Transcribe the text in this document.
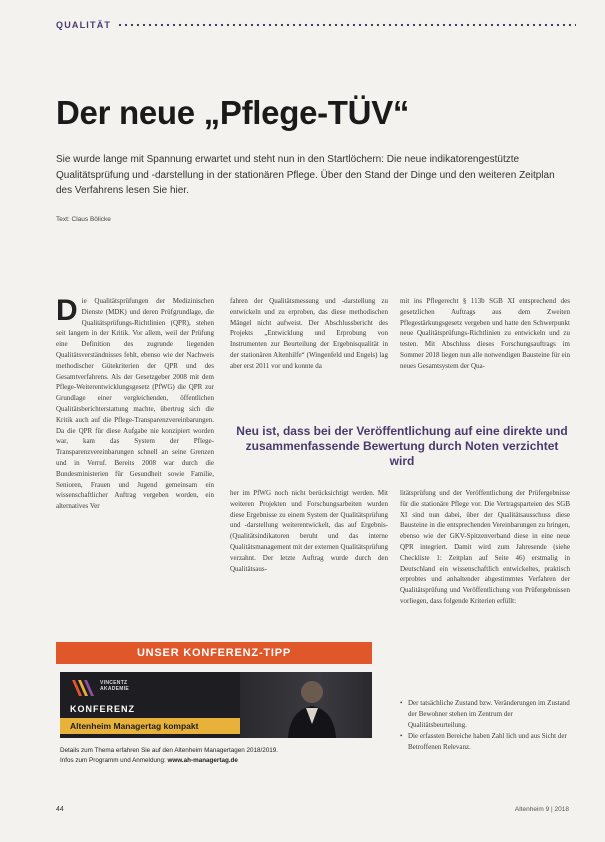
QUALITÄT
Der neue „Pflege-TÜV“

Sie wurde lange mit Spannung erwartet und steht nun in den Startlöchern: Die neue indikatorengestützte Qualitätsprüfung und -darstellung in der stationären Pflege. Über den Stand der Dinge und den weiteren Zeitplan des Verfahrens lesen Sie hier.

Text: Claus Bölicke

Die Qualitätsprüfungen der Medizinischen Dienste (MDK) und deren Prüfgrundlage, die Qualitätsprüfungs-Richtlinien (QPR), stehen seit langem in der Kritik. Vor allem, weil der Prüfung eine Definition des zugrunde liegenden Qualitätsverständnisses fehlt, ebenso wie der Nachweis methodischer Gütekriterien der QPR und des Gesamtverfahrens. Als der Gesetzgeber 2008 mit dem Pflege-Weiterentwicklungsgesetz (PfWG) die QPR zur Grundlage einer vergleichenden, öffentlichen Qualitätsberichterstattung machte, übertrug sich die Kritik auch auf die Pflege-Transparenzvereinbarungen. Da die QPR für diese Aufgabe nie konzipiert worden war, kam das System der Pflege-Transparenzvereinbarungen schnell an seine Grenzen und in Verruf. Bereits 2008 war durch die Bundesministerien für Gesundheit sowie Familie, Senioren, Frauen und Jugend gemeinsam ein wissenschaftlicher Auftrag vergeben worden, ein alternatives Ver

fahren der Qualitätsmessung und -darstellung zu entwickeln und zu erproben, das diese methodischen Mängel nicht aufweist. Der Abschlussbericht des Projekts „Entwicklung und Erprobung von Instrumenten zur Beurteilung der Ergebnisqualität in der stationären Altenhilfe“ (Wingenfeld und Engels) lag aber erst 2011 vor und konnte da

mit ins Pflegerecht § 113b SGB XI entsprechend des gesetzlichen Auftrags aus dem Zweiten Pflegestärkungsgesetz vergeben und hatte den Schwerpunkt neue Qualitätsprüfungs-Richtlinien zu entwickeln und zu testen. Mit Abschluss dieses Forschungsauftrags im Sommer 2018 liegen nun alle notwendigen Bausteine für ein neues Gesamtsystem der Qua-

Neu ist, dass bei der Veröffentlichung auf eine direkte und zusammenfassende Bewertung durch Noten verzichtet wird

her im PfWG noch nicht berücksichtigt werden. Mit weiteren Projekten und Forschungsarbeiten wurden diese Ergebnisse zu einem System der Qualitätsprüfung und -darstellung weiterentwickelt, das auf Ergebnis-(Qualitätsindikatoren beruht und das interne Qualitätsmanagement mit der externen Qualitätsprüfung verzahnt. Der letzte Auftrag wurde durch den Qualitätsaus-

litätsprüfung und der Veröffentlichung der Prüfergebnisse für die stationäre Pflege vor. Die Vertragsparteien des SGB XI sind nun dabei, über der Qualitätsausschuss diese Bausteine in die entsprechenden Vereinbarungen zu bringen, ebenso wie der GKV-Spitzenverband diese in eine neue QPR integriert. Damit wird zum Jahresende (siehe Checkliste 1: Zeitplan auf Seite 46) erstmalig in Deutschland ein wissenschaftlich entwickeltes, praktisch erprobtes und anhaltender abgestimmtes Verfahren der Qualitätsprüfung und Veröffentlichung von Prüfergebnissen vorliegen, dass folgende Kriterien erfüllt:

• Der tatsächliche Zustand bzw. Veränderungen im Zustand der Bewohner stehen im Zentrum der Qualitätsbeurteilung.
• Die erfassten Bereiche haben Zahl lich und aus Sicht der Betroffenen Relevanz.
UNSER KONFERENZ-TIPP
VINCENTZ
AKADEMIE
KONFERENZ
Altenheim Managertag kompakt
Details zum Thema erfahren Sie auf den Altenheim Managertagen 2018/2019.
Infos zum Programm und Anmeldung: www.ah-managertag.de
44	Altenheim 9 | 2018
